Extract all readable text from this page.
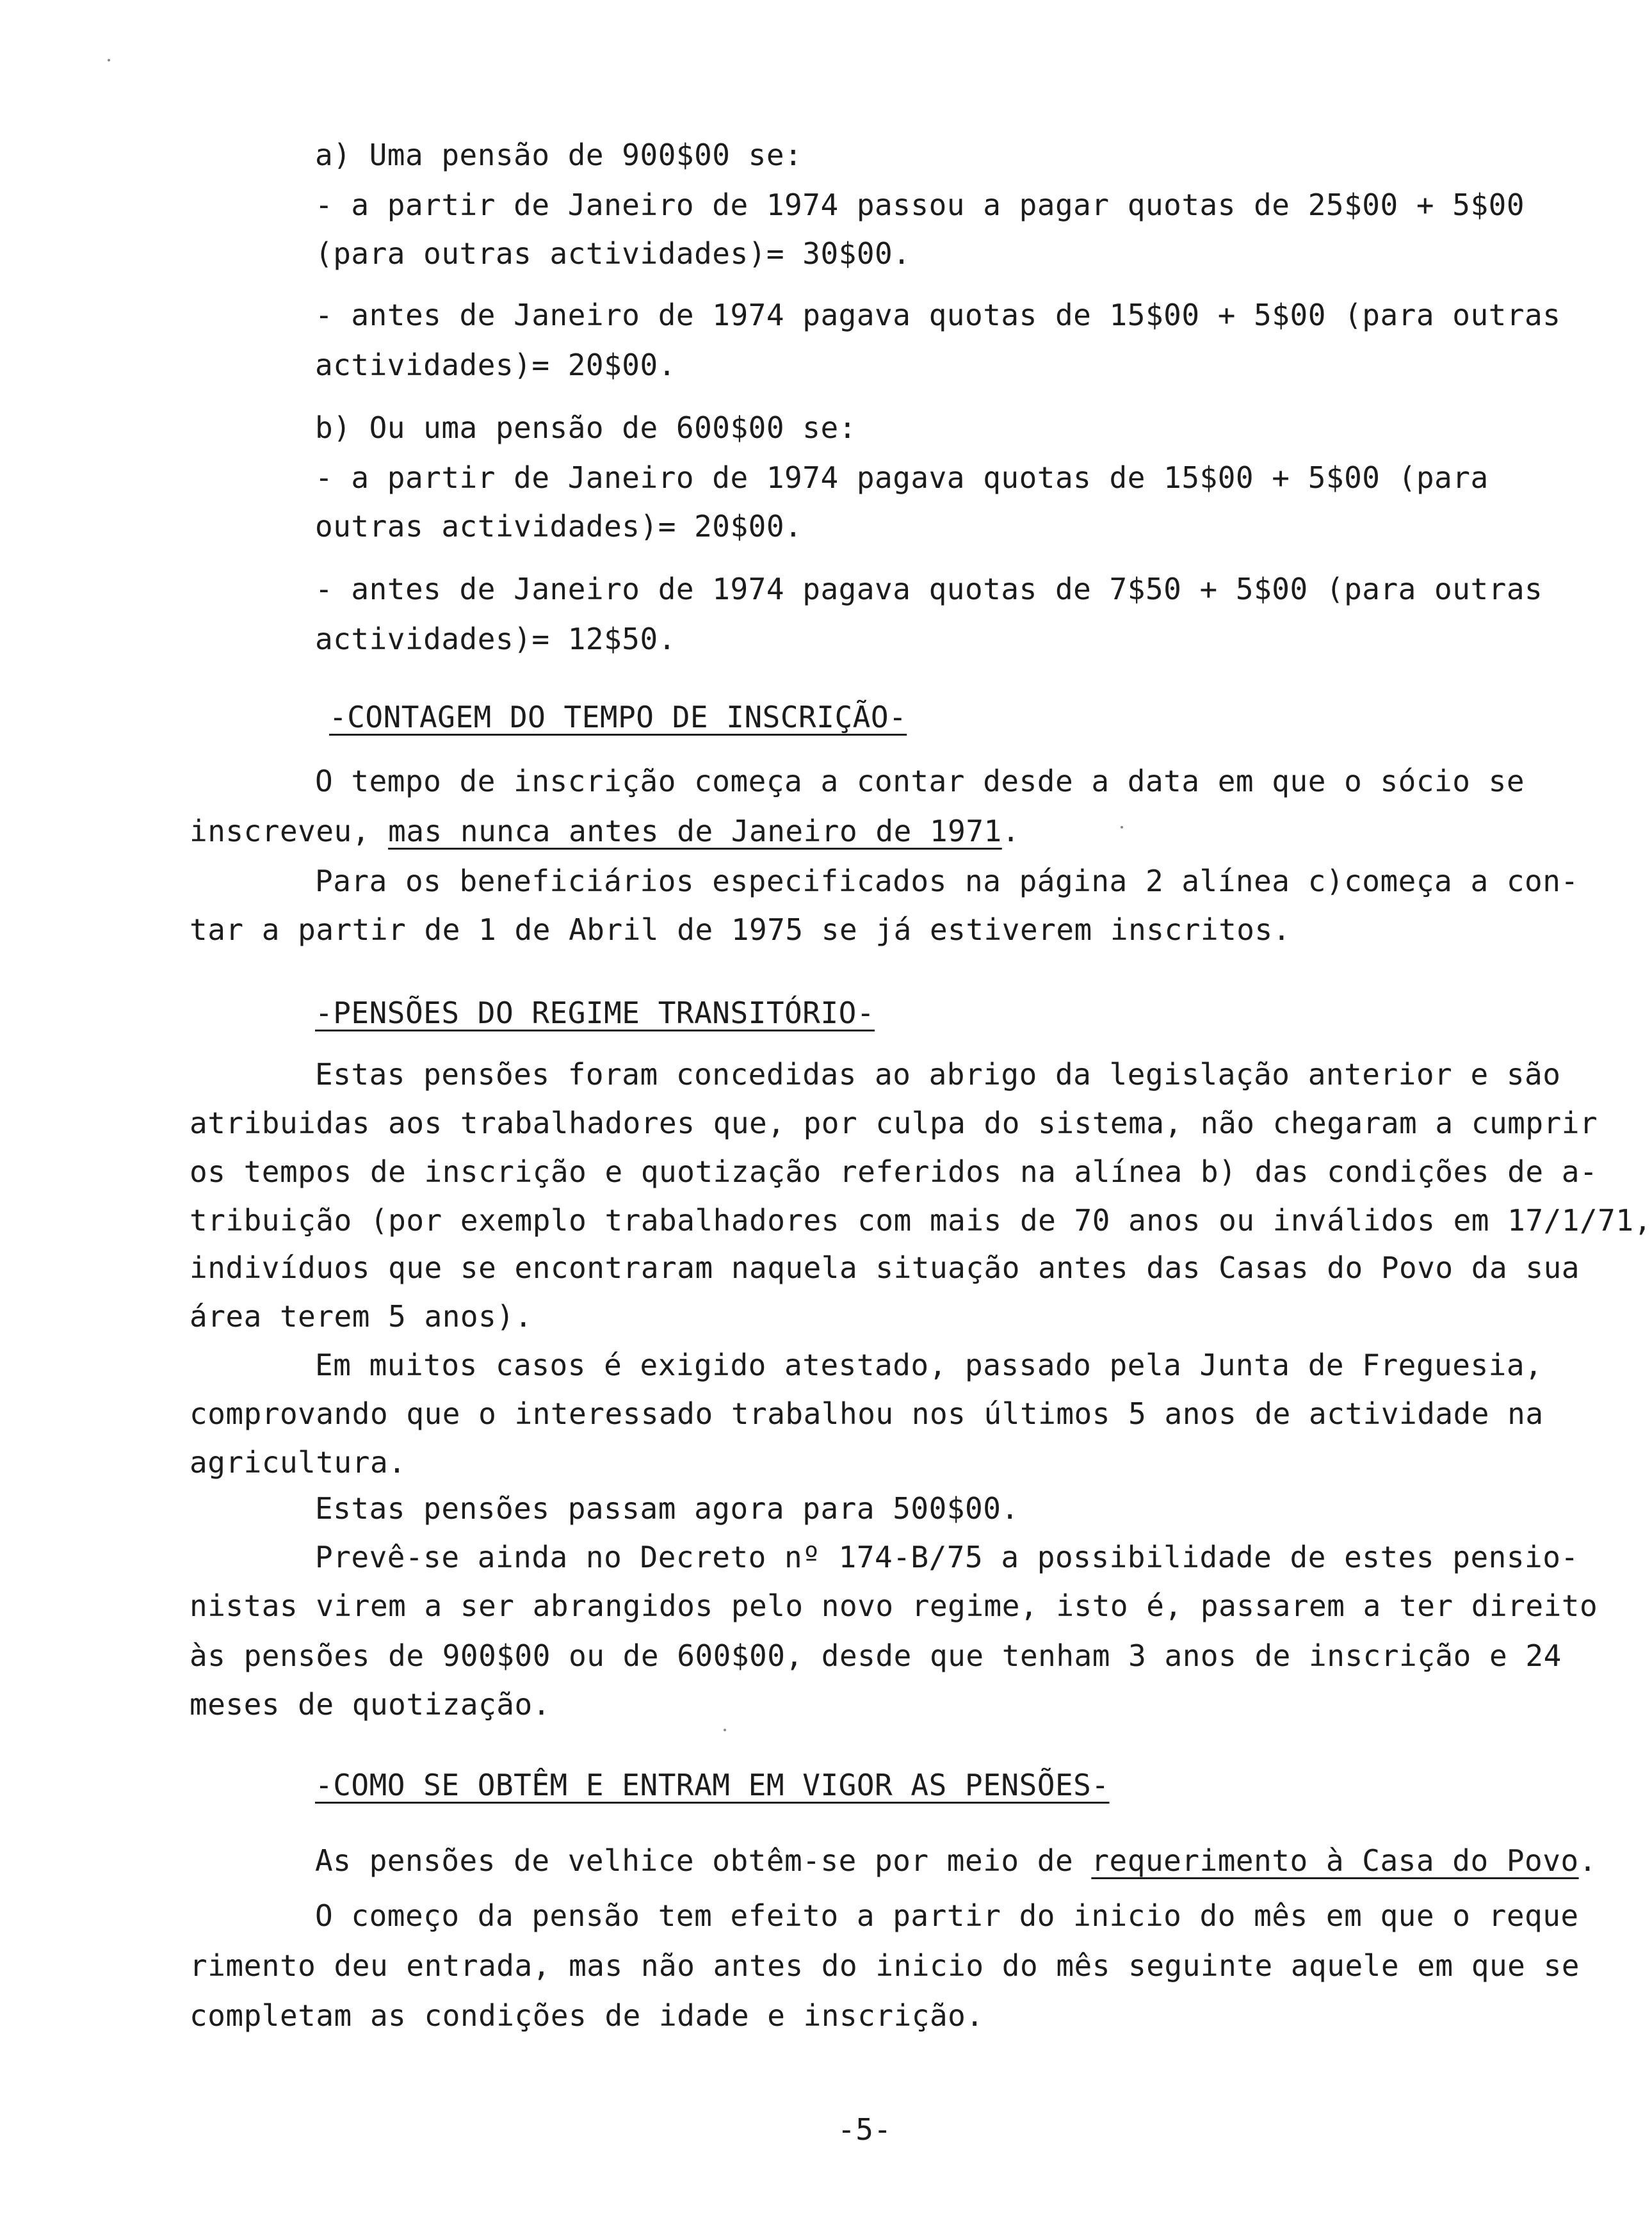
a) Uma pensão de 900$00 se:
- a partir de Janeiro de 1974 passou a pagar quotas de 25$00 + 5$00
(para outras actividades)= 30$00.
- antes de Janeiro de 1974 pagava quotas de 15$00 + 5$00 (para outras
actividades)= 20$00.
b) Ou uma pensão de 600$00 se:
- a partir de Janeiro de 1974 pagava quotas de 15$00 + 5$00 (para
outras actividades)= 20$00.
- antes de Janeiro de 1974 pagava quotas de 7$50 + 5$00 (para outras
actividades)= 12$50.
-CONTAGEM DO TEMPO DE INSCRIÇÃO-
O tempo de inscrição começa a contar desde a data em que o sócio se
inscreveu, mas nunca antes de Janeiro de 1971.
Para os beneficiários especificados na página 2 alínea c)começa a con-
tar a partir de 1 de Abril de 1975 se já estiverem inscritos.
-PENSÕES DO REGIME TRANSITÓRIO-
Estas pensões foram concedidas ao abrigo da legislação anterior e são
atribuidas aos trabalhadores que, por culpa do sistema, não chegaram a cumprir
os tempos de inscrição e quotização referidos na alínea b) das condições de a-
tribuição (por exemplo trabalhadores com mais de 70 anos ou inválidos em 17/1/71,
indivíduos que se encontraram naquela situação antes das Casas do Povo da sua
área terem 5 anos).
Em muitos casos é exigido atestado, passado pela Junta de Freguesia,
comprovando que o interessado trabalhou nos últimos 5 anos de actividade na
agricultura.
Estas pensões passam agora para 500$00.
Prevê-se ainda no Decreto nº 174-B/75 a possibilidade de estes pensio-
nistas virem a ser abrangidos pelo novo regime, isto é, passarem a ter direito
às pensões de 900$00 ou de 600$00, desde que tenham 3 anos de inscrição e 24
meses de quotização.
-COMO SE OBTÊM E ENTRAM EM VIGOR AS PENSÕES-
As pensões de velhice obtêm-se por meio de requerimento à Casa do Povo.
O começo da pensão tem efeito a partir do inicio do mês em que o reque
rimento deu entrada, mas não antes do inicio do mês seguinte aquele em que se
completam as condições de idade e inscrição.
-5-
